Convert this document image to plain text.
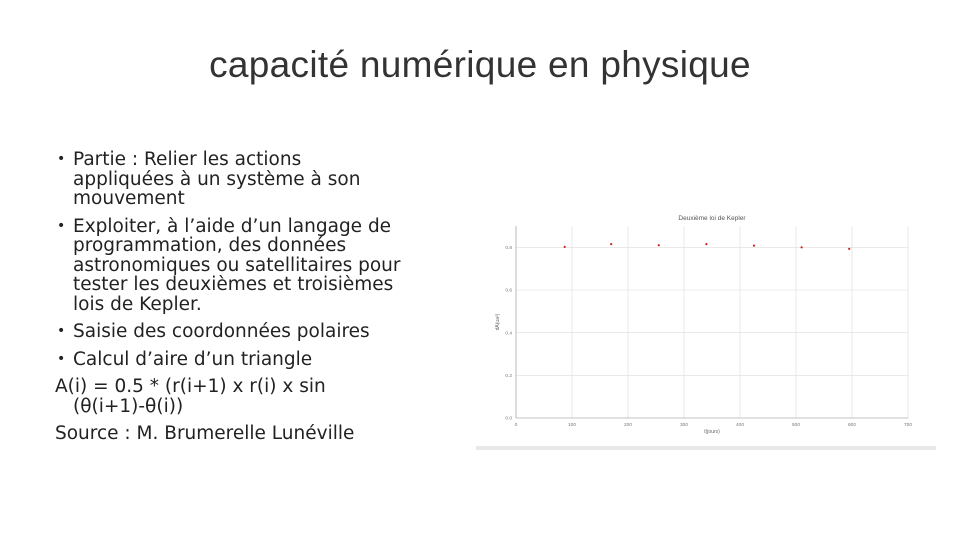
capacité numérique en physique
• Partie : Relier les actions
appliquées à un système à son
mouvement
• Exploiter, à l’aide d’un langage de
programmation, des données
astronomiques ou satellitaires pour
tester les deuxièmes et troisièmes
lois de Kepler.
• Saisie des coordonnées polaires
• Calcul d’aire d’un triangle
A(i) = 0.5 * (r(i+1) x r(i) x sin
(θ(i+1)-θ(i))
Source : M. Brumerelle Lunéville
Deuxième loi de Kepler
0	100	200	300	400	500	600	700
0.0
0.2
0.4
0.6
0.8
t(jours)
dA(ua²)
